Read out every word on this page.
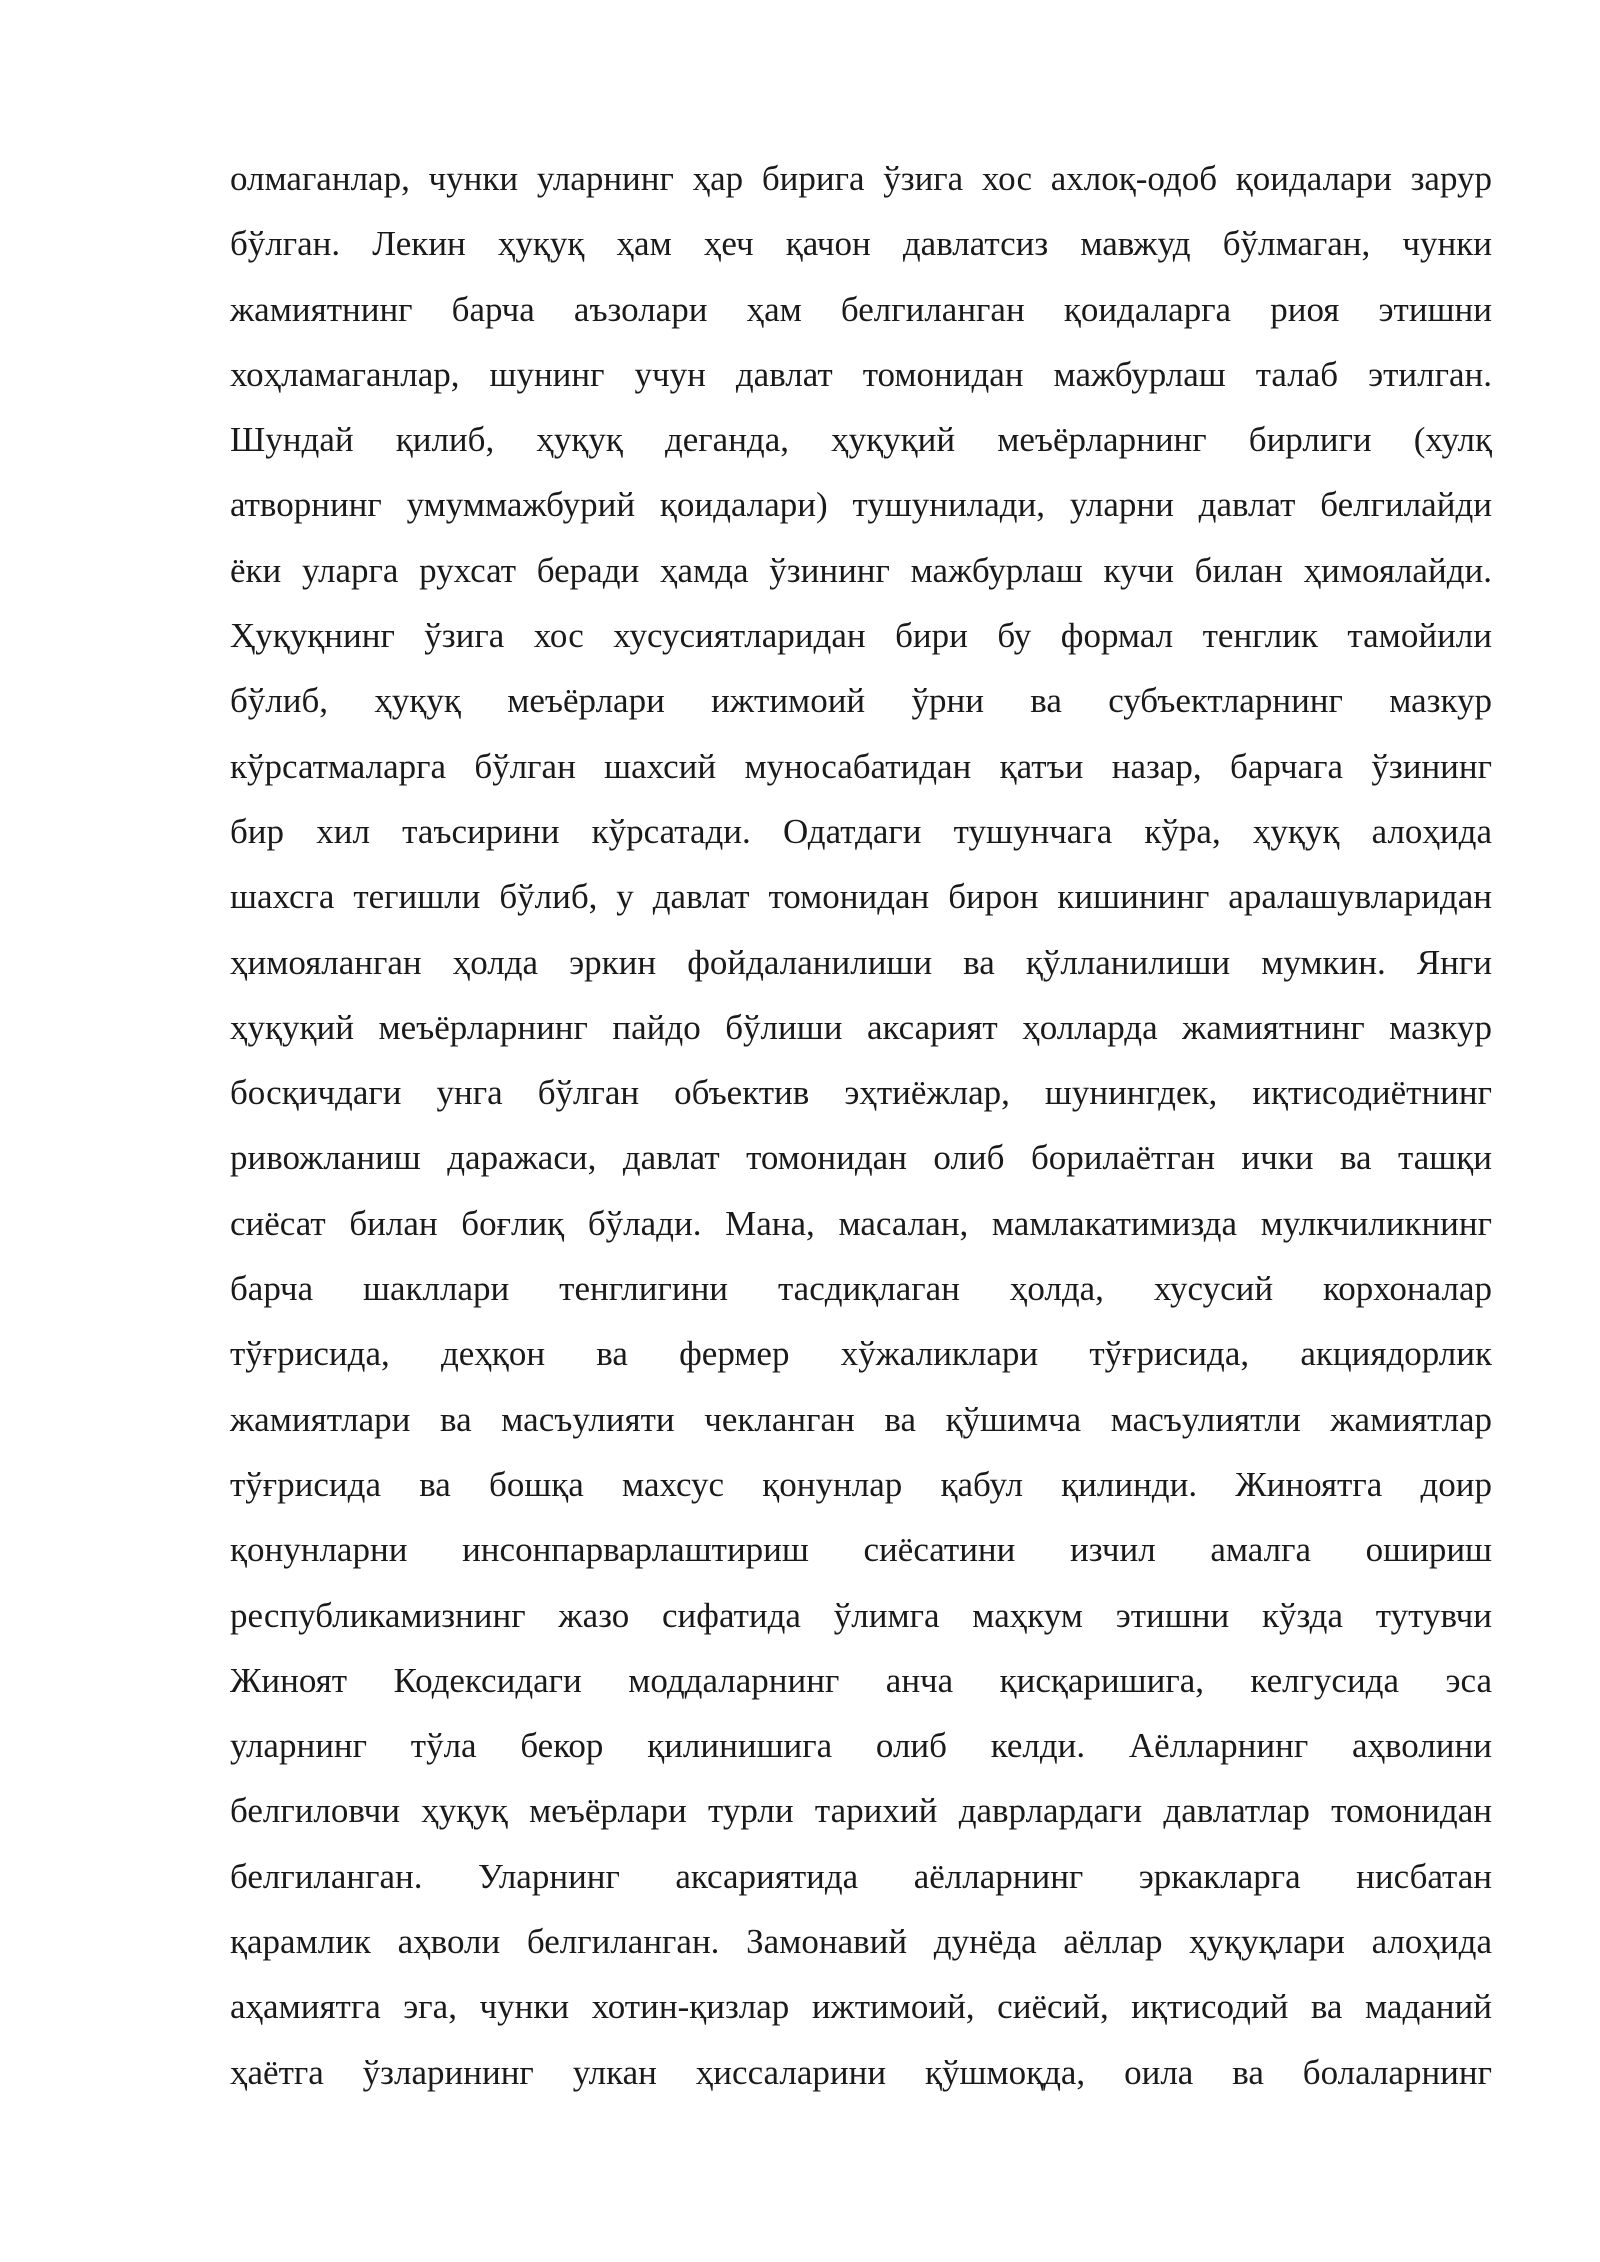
олмаганлар, чунки уларнинг ҳар бирига ўзига хос ахлоқ-одоб қоидалари зарур
бўлган. Лекин ҳуқуқ ҳам ҳеч қачон давлатсиз мавжуд бўлмаган, чунки
жамиятнинг барча аъзолари ҳам белгиланган қоидаларга риоя этишни
хоҳламаганлар, шунинг учун давлат томонидан мажбурлаш талаб этилган.
Шундай қилиб, ҳуқуқ деганда, ҳуқуқий меъёрларнинг бирлиги (хулқ
атворнинг умуммажбурий қоидалари) тушунилади, уларни давлат белгилайди
ёки уларга рухсат беради ҳамда ўзининг мажбурлаш кучи билан ҳимоялайди.
Ҳуқуқнинг ўзига хос хусусиятларидан бири бу формал тенглик тамойили
бўлиб, ҳуқуқ меъёрлари ижтимоий ўрни ва субъектларнинг мазкур
кўрсатмаларга бўлган шахсий муносабатидан қатъи назар, барчага ўзининг
бир хил таъсирини кўрсатади. Одатдаги тушунчага кўра, ҳуқуқ алоҳида
шахсга тегишли бўлиб, у давлат томонидан бирон кишининг аралашувларидан
ҳимояланган ҳолда эркин фойдаланилиши ва қўлланилиши мумкин. Янги
ҳуқуқий меъёрларнинг пайдо бўлиши аксарият ҳолларда жамиятнинг мазкур
босқичдаги унга бўлган объектив эҳтиёжлар, шунингдек, иқтисодиётнинг
ривожланиш даражаси, давлат томонидан олиб борилаётган ички ва ташқи
сиёсат билан боғлиқ бўлади. Мана, масалан, мамлакатимизда мулкчиликнинг
барча шакллари тенглигини тасдиқлаган ҳолда, хусусий корхоналар
тўғрисида, деҳқон ва фермер хўжаликлари тўғрисида, акциядорлик
жамиятлари ва масъулияти чекланган ва қўшимча масъулиятли жамиятлар
тўғрисида ва бошқа махсус қонунлар қабул қилинди. Жиноятга доир
қонунларни инсонпарварлаштириш сиёсатини изчил амалга ошириш
республикамизнинг жазо сифатида ўлимга маҳкум этишни кўзда тутувчи
Жиноят Кодексидаги моддаларнинг анча қисқаришига, келгусида эса
уларнинг тўла бекор қилинишига олиб келди. Аёлларнинг аҳволини
белгиловчи ҳуқуқ меъёрлари турли тарихий даврлардаги давлатлар томонидан
белгиланган. Уларнинг аксариятида аёлларнинг эркакларга нисбатан
қарамлик аҳволи белгиланган. Замонавий дунёда аёллар ҳуқуқлари алоҳида
аҳамиятга эга, чунки хотин-қизлар ижтимоий, сиёсий, иқтисодий ва маданий
ҳаётга ўзларининг улкан ҳиссаларини қўшмоқда, оила ва болаларнинг
